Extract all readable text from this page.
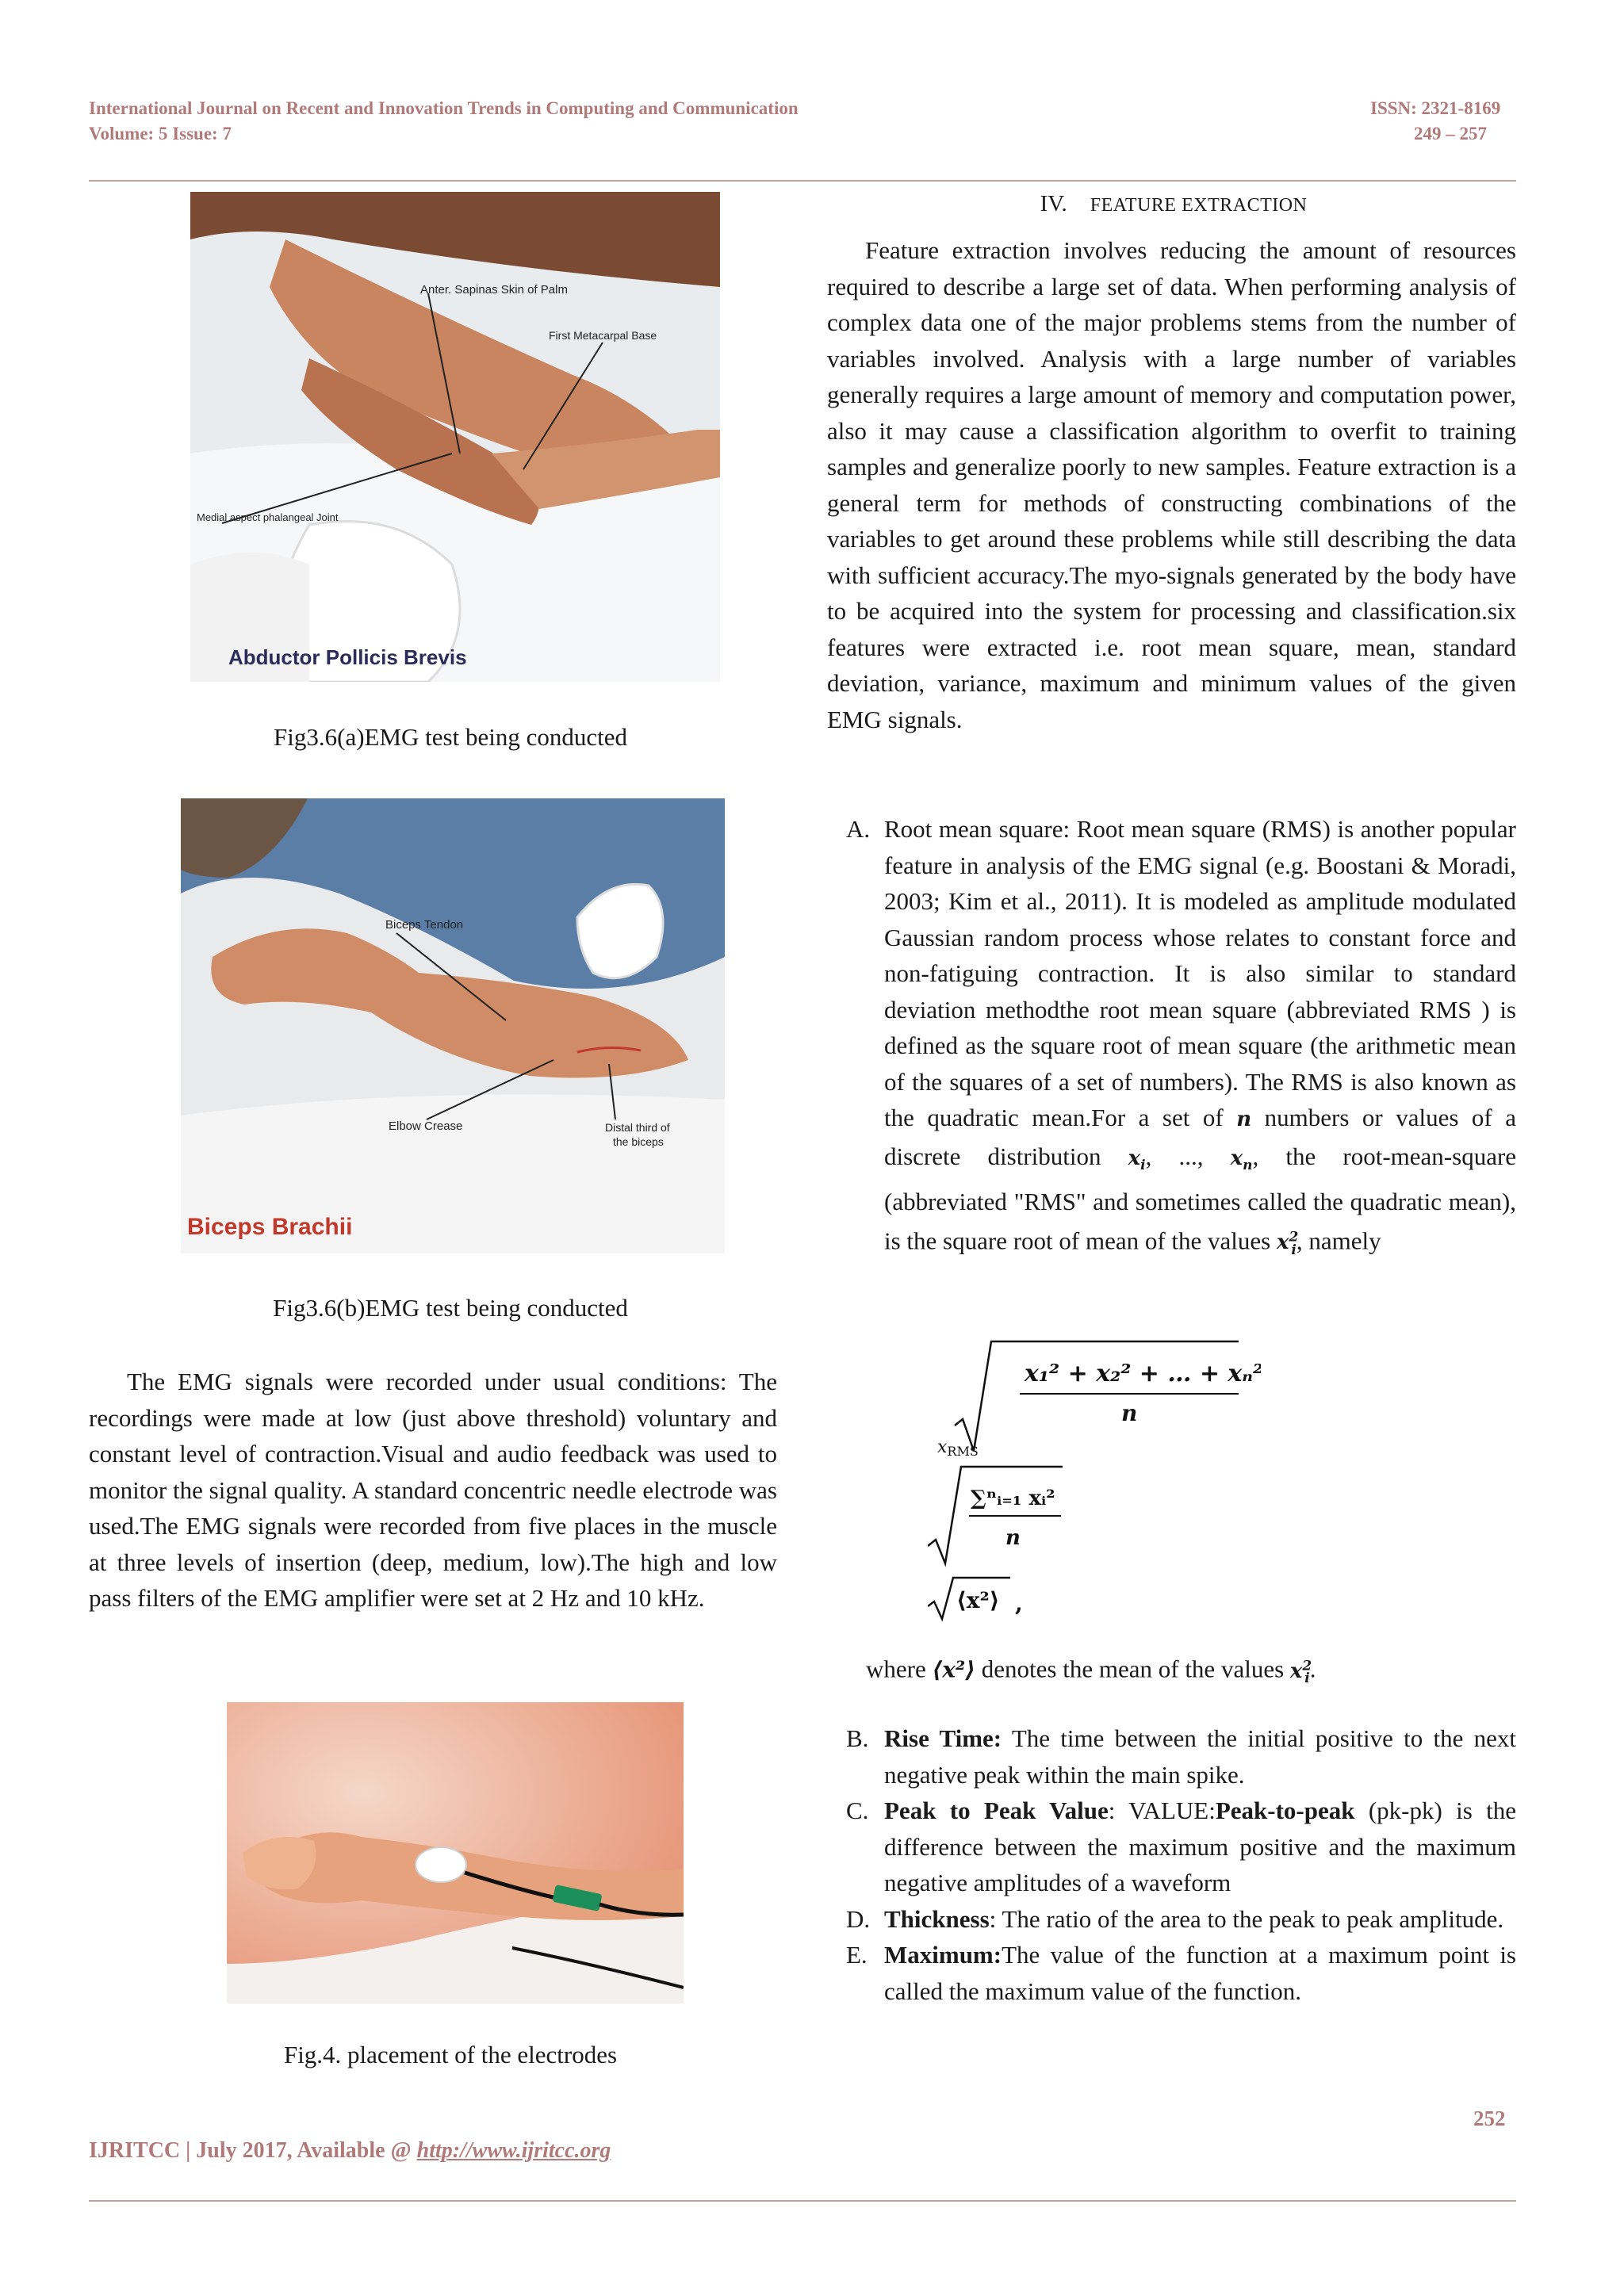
International Journal on Recent and Innovation Trends in Computing and Communication	ISSN: 2321-8169
Volume: 5 Issue: 7	249 – 257
Anter. Sapinas Skin of Palm
First Metacarpal Base
Medial aspect phalangeal Joint
Abductor Pollicis Brevis
Fig3.6(a)EMG test being conducted
Biceps Tendon
Elbow Crease	Distal third of
the biceps
Biceps Brachii
Fig3.6(b)EMG test being conducted

The EMG signals were recorded under usual conditions: The recordings were made at low (just above threshold) voluntary and constant level of contraction.Visual and audio feedback was used to monitor the signal quality. A standard concentric needle electrode was used.The EMG signals were recorded from five places in the muscle at three levels of insertion (deep, medium, low).The high and low pass filters of the EMG amplifier were set at 2 Hz and 10 kHz.

Fig.4. placement of the electrodes
IV. FEATURE EXTRACTION

Feature extraction involves reducing the amount of resources required to describe a large set of data. When performing analysis of complex data one of the major problems stems from the number of variables involved. Analysis with a large number of variables generally requires a large amount of memory and computation power, also it may cause a classification algorithm to overfit to training samples and generalize poorly to new samples. Feature extraction is a general term for methods of constructing combinations of the variables to get around these problems while still describing the data with sufficient accuracy.The myo-signals generated by the body have to be acquired into the system for processing and classification.six features were extracted i.e. root mean square, mean, standard deviation, variance, maximum and minimum values of the given EMG signals.

A. Root mean square: Root mean square (RMS) is another popular feature in analysis of the EMG signal (e.g. Boostani & Moradi, 2003; Kim et al., 2011). It is modeled as amplitude modulated Gaussian random process whose relates to constant force and non-fatiguing contraction. It is also similar to standard deviation methodthe root mean square (abbreviated RMS ) is defined as the square root of mean square (the arithmetic mean of the squares of a set of numbers). The RMS is also known as the quadratic mean.For a set of n numbers or values of a discrete distribution $x_i$, ..., $x_n$, the root-mean-square (abbreviated "RMS" and sometimes called the quadratic mean), is the square root of mean of the values $x^2_i$, namely
x₁² + x₂² + … + xₙ²
n
xRMS
∑ⁿᵢ₌₁ xᵢ²
n
⟨x²⟩ ,
where ⟨x²⟩ denotes the mean of the values $x^2_i$.
B. Rise Time: The time between the initial positive to the next negative peak within the main spike.
C. Peak to Peak Value: VALUE:Peak-to-peak (pk-pk) is the difference between the maximum positive and the maximum negative amplitudes of a waveform
D. Thickness: The ratio of the area to the peak to peak amplitude.
E. Maximum:The value of the function at a maximum point is called the maximum value of the function.
252
IJRITCC | July 2017, Available @ http://www.ijritcc.org
